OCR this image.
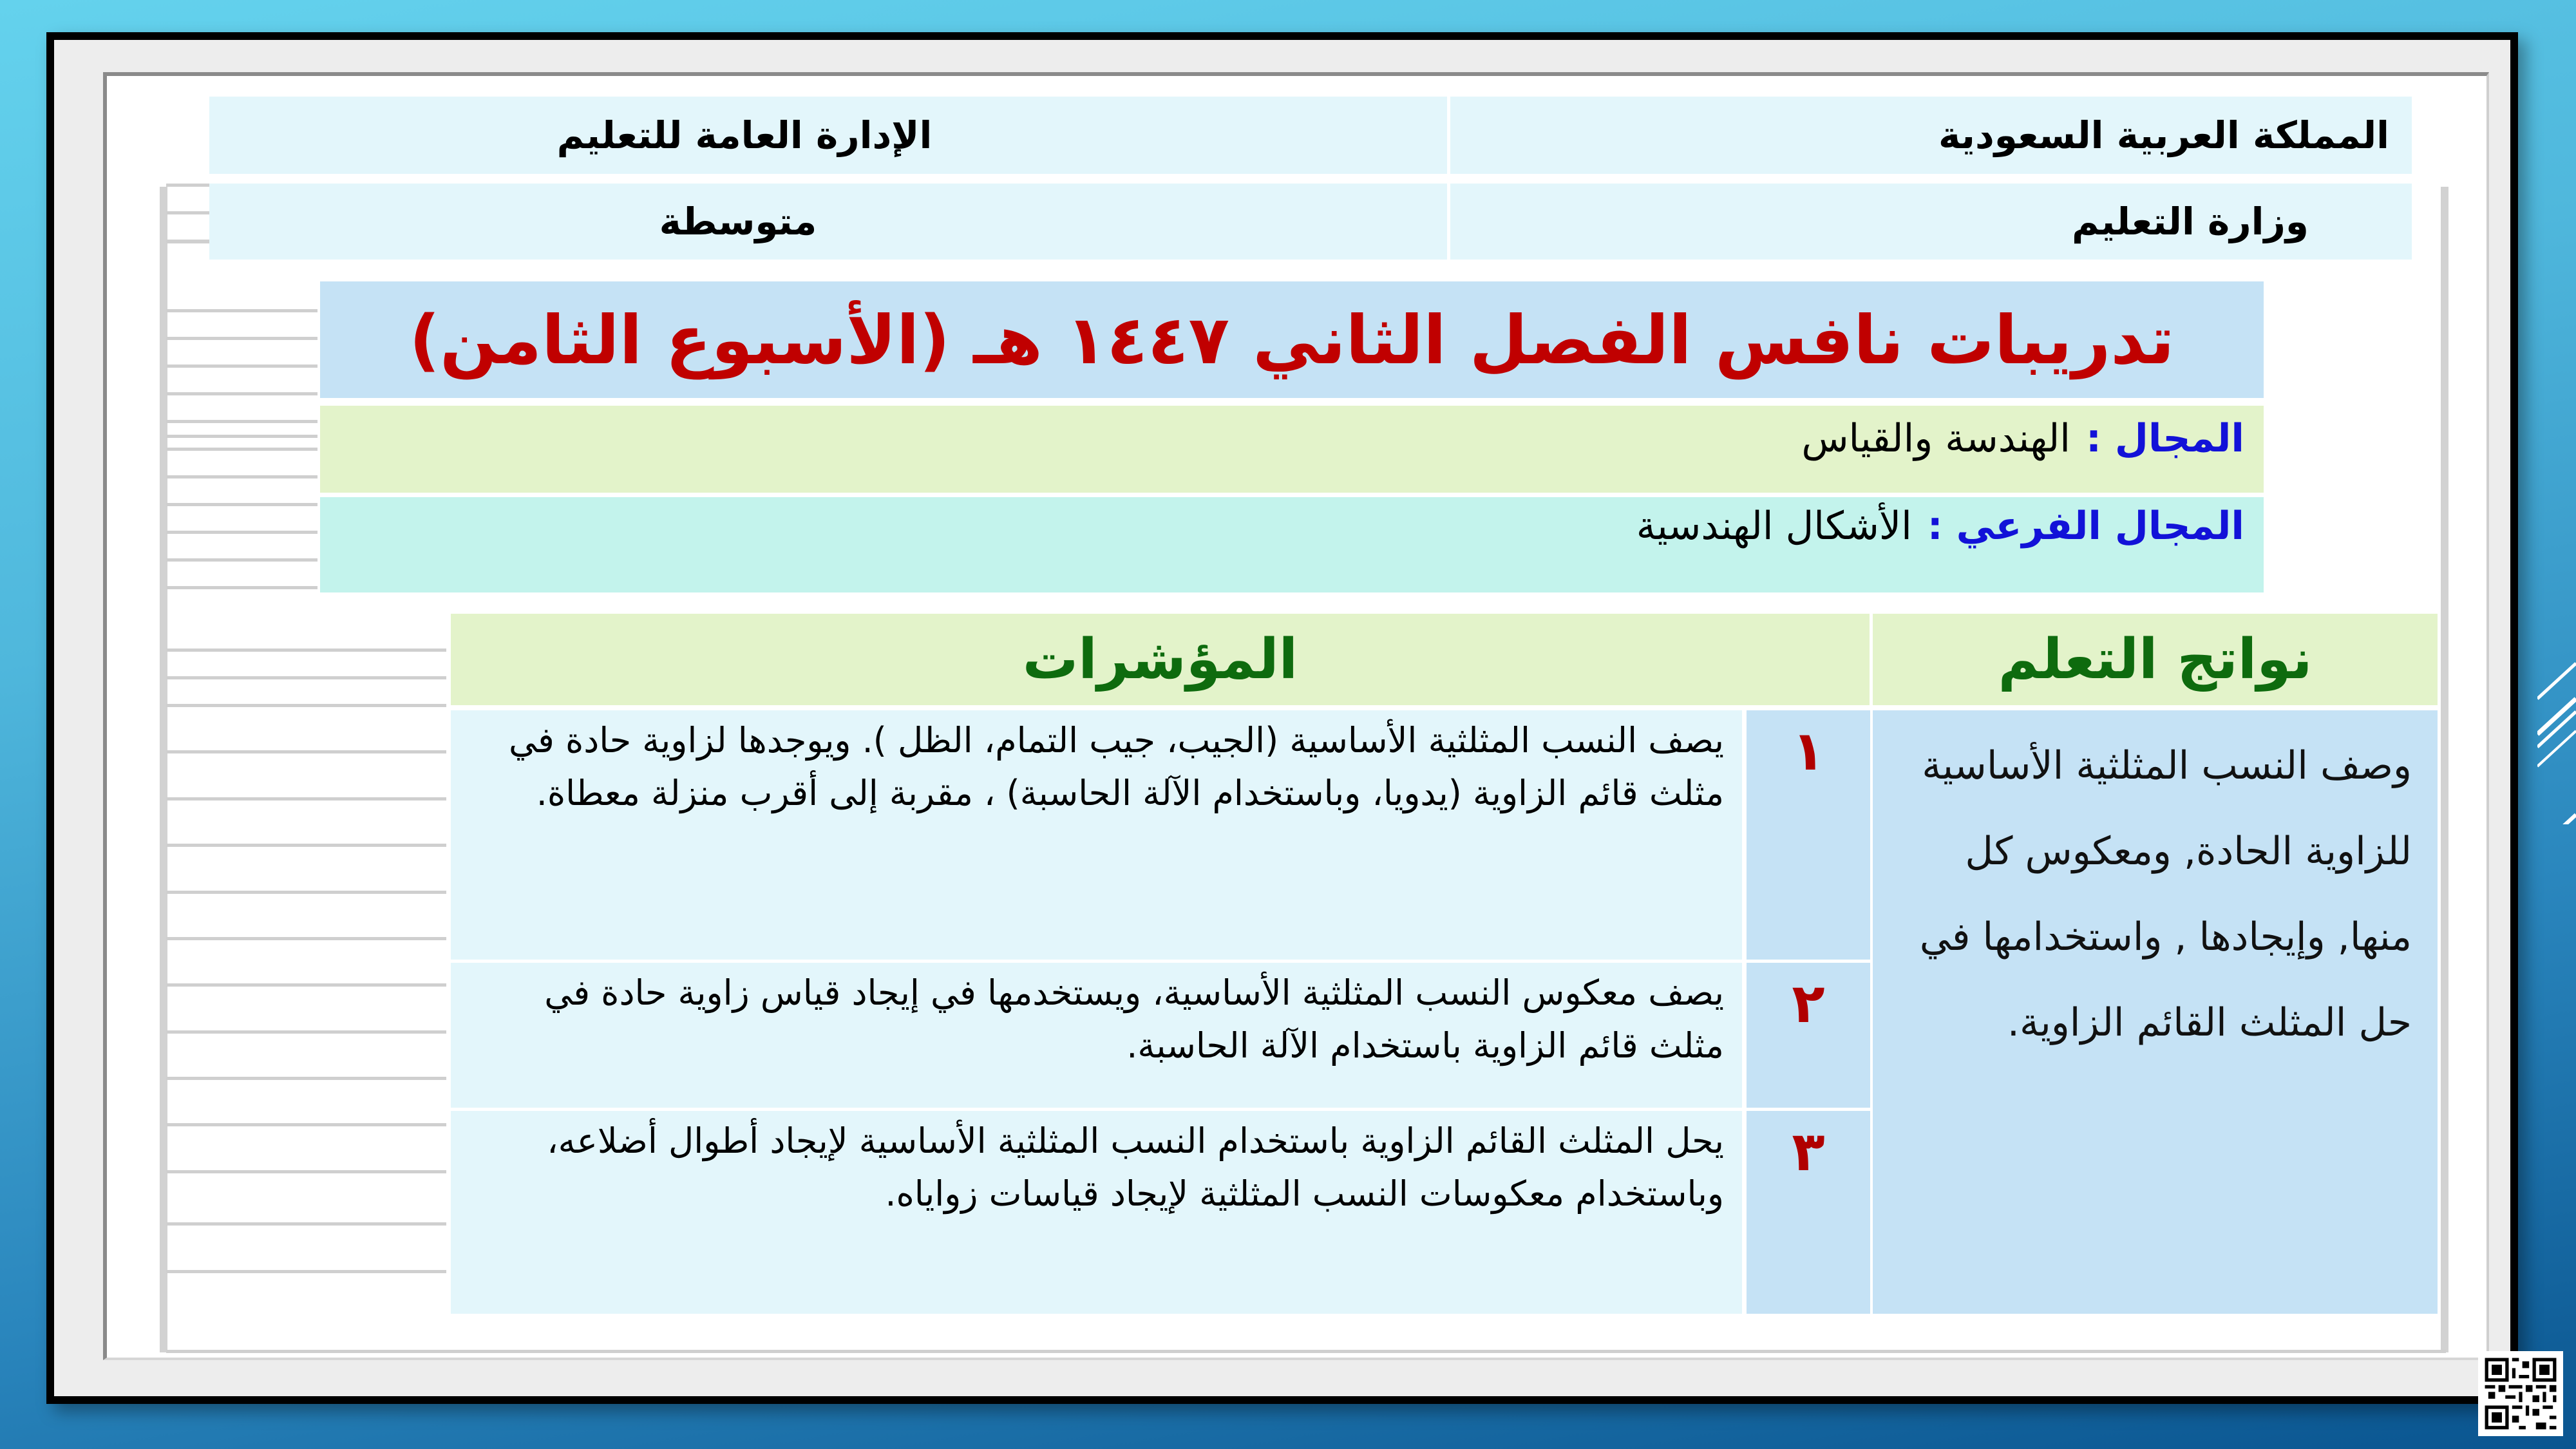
المملكة العربية السعودية
الإدارة العامة للتعليم
وزارة التعليم
متوسطة
تدريبات نافس الفصل الثاني ١٤٤٧ هـ (الأسبوع الثامن)
المجال :
الهندسة والقياس
المجال الفرعي :
الأشكال الهندسية
نواتج التعلم
المؤشرات
وصف النسب المثلثية الأساسية للزاوية الحادة, ومعكوس كل منها, وإيجادها , واستخدامها في حل المثلث القائم الزاوية.
١
يصف النسب المثلثية الأساسية (الجيب، جيب التمام، الظل ). ويوجدها لزاوية حادة في مثلث قائم الزاوية (يدويا، وباستخدام الآلة الحاسبة) ، مقربة إلى أقرب منزلة معطاة.
٢
يصف معكوس النسب المثلثية الأساسية، ويستخدمها في إيجاد قياس زاوية حادة في مثلث قائم الزاوية باستخدام الآلة الحاسبة.
٣
يحل المثلث القائم الزاوية باستخدام النسب المثلثية الأساسية لإيجاد أطوال أضلاعه، وباستخدام معكوسات النسب المثلثية لإيجاد قياسات زواياه.
